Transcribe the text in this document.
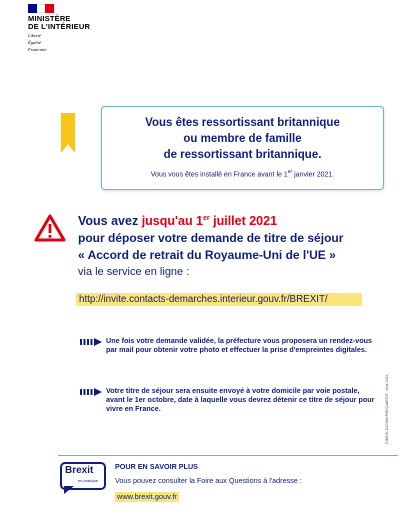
MINISTÈRE
DE L'INTÉRIEUR
Liberté
Égalité
Fraternité
Vous êtes ressortissant britannique
ou membre de famille
de ressortissant britannique.
Vous vous êtes installé en France avant le 1er janvier 2021.
Vous avez jusqu'au 1er juillet 2021
pour déposer votre demande de titre de séjour
« Accord de retrait du Royaume-Uni de l'UE »
via le service en ligne :
http://invite.contacts-demarches.interieur.gouv.fr/BREXIT/
Une fois votre demande validée, la préfecture vous proposera un rendez-vous par mail pour obtenir votre photo et effectuer la prise d'empreintes digitales.
Votre titre de séjour sera ensuite envoyé à votre domicile par voie postale, avant le 1er octobre, date à laquelle vous devrez détenir ce titre de séjour pour vivre en France.	DIMOS-DICOM-PAEQ-MEDIT - mai 2021
Brexit
en pratique
POUR EN SAVOIR PLUS
Vous pouvez consulter la Foire aux Questions à l'adresse :
www.brexit.gouv.fr
